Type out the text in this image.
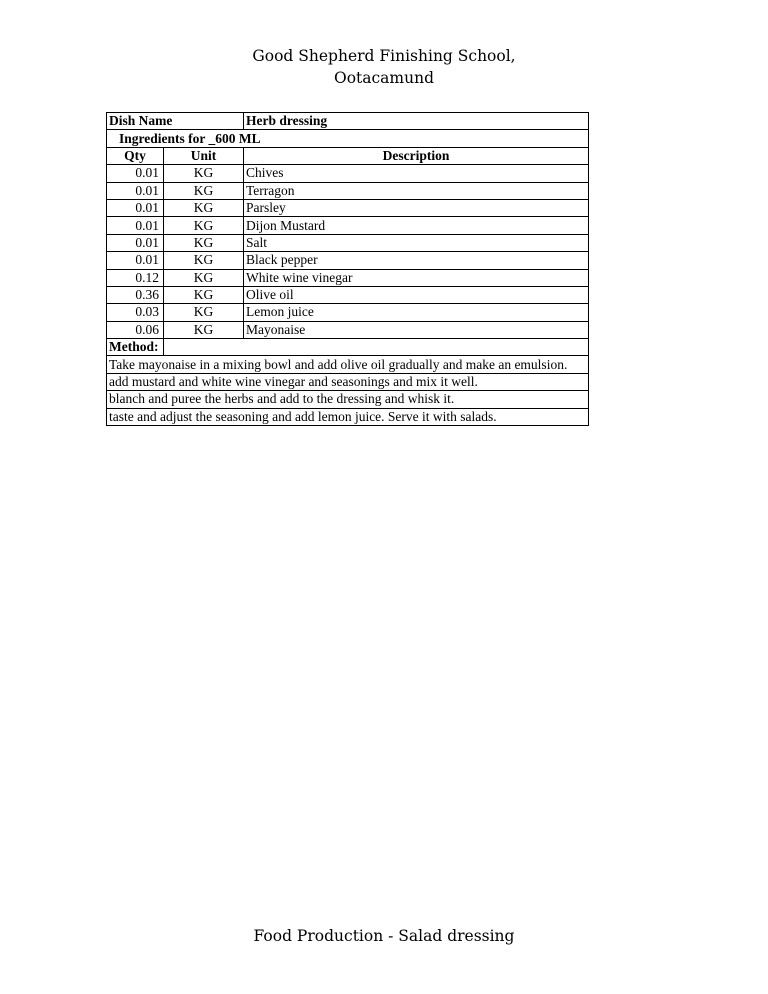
Good Shepherd Finishing School,
Ootacamund
Dish Name		Herb dressing
Ingredients for _600 ML		
Qty	Unit	Description
0.01	KG	Chives
0.01	KG	Terragon
0.01	KG	Parsley
0.01	KG	Dijon Mustard
0.01	KG	Salt
0.01	KG	Black pepper
0.12	KG	White wine vinegar
0.36	KG	Olive oil
0.03	KG	Lemon juice
0.06	KG	Mayonaise
Method:		
Take mayonaise in a mixing bowl and add olive oil gradually and make an emulsion.		
add mustard and white wine vinegar and seasonings and mix it well.		
blanch and puree the herbs and add to the dressing and whisk it.		
taste and adjust the seasoning and add lemon juice. Serve it with salads.		
Food Production - Salad dressing
